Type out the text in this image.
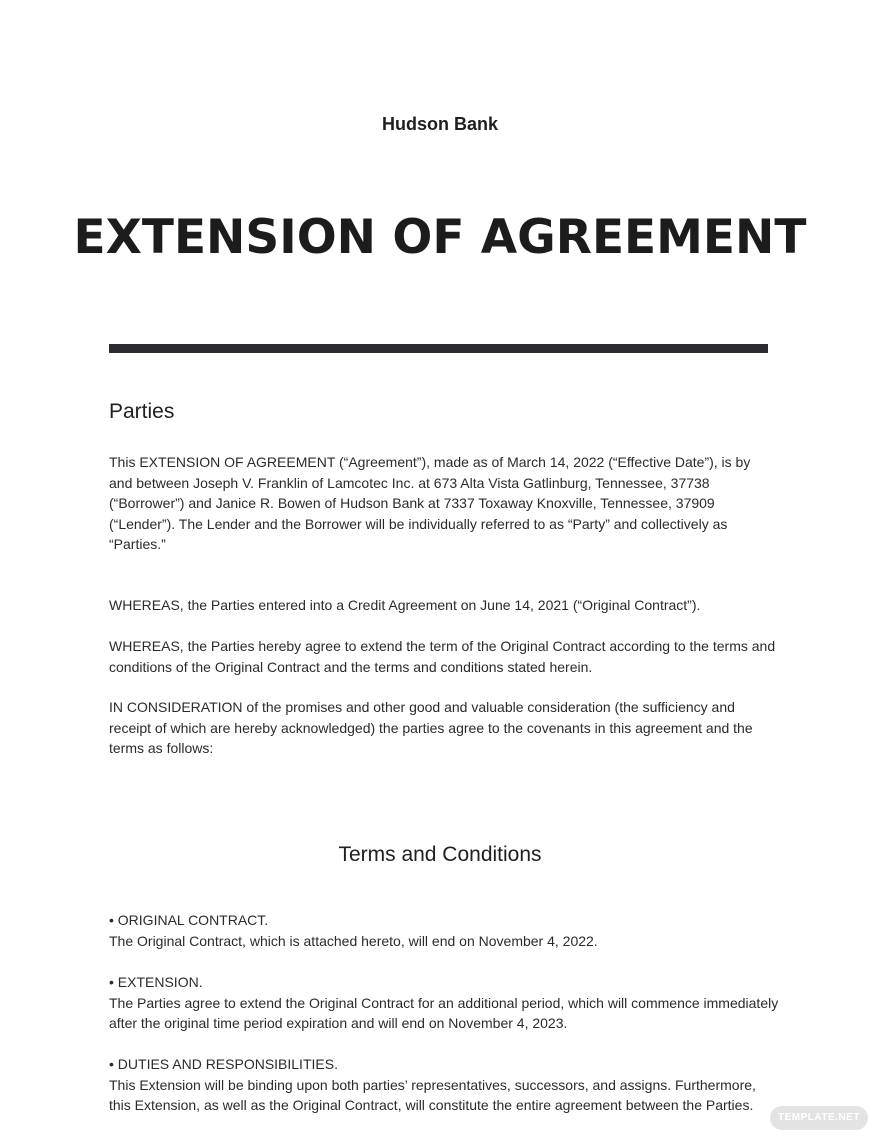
Hudson Bank
EXTENSION OF AGREEMENT
Parties

This EXTENSION OF AGREEMENT (“Agreement”), made as of March 14, 2022 (“Effective Date”), is by and between Joseph V. Franklin of Lamcotec Inc. at 673 Alta Vista Gatlinburg, Tennessee, 37738 (“Borrower”) and Janice R. Bowen of Hudson Bank at 7337 Toxaway Knoxville, Tennessee, 37909 (“Lender”). The Lender and the Borrower will be individually referred to as “Party” and collectively as “Parties.”

WHEREAS, the Parties entered into a Credit Agreement on June 14, 2021 (“Original Contract”).

WHEREAS, the Parties hereby agree to extend the term of the Original Contract according to the terms and conditions of the Original Contract and the terms and conditions stated herein.

IN CONSIDERATION of the promises and other good and valuable consideration (the sufficiency and receipt of which are hereby acknowledged) the parties agree to the covenants in this agreement and the terms as follows:

Terms and Conditions
• ORIGINAL CONTRACT.
The Original Contract, which is attached hereto, will end on November 4, 2022.
• EXTENSION.
The Parties agree to extend the Original Contract for an additional period, which will commence immediately after the original time period expiration and will end on November 4, 2023.
• DUTIES AND RESPONSIBILITIES.
This Extension will be binding upon both parties’ representatives, successors, and assigns. Furthermore, this Extension, as well as the Original Contract, will constitute the entire agreement between the Parties.
TEMPLATE.NET
